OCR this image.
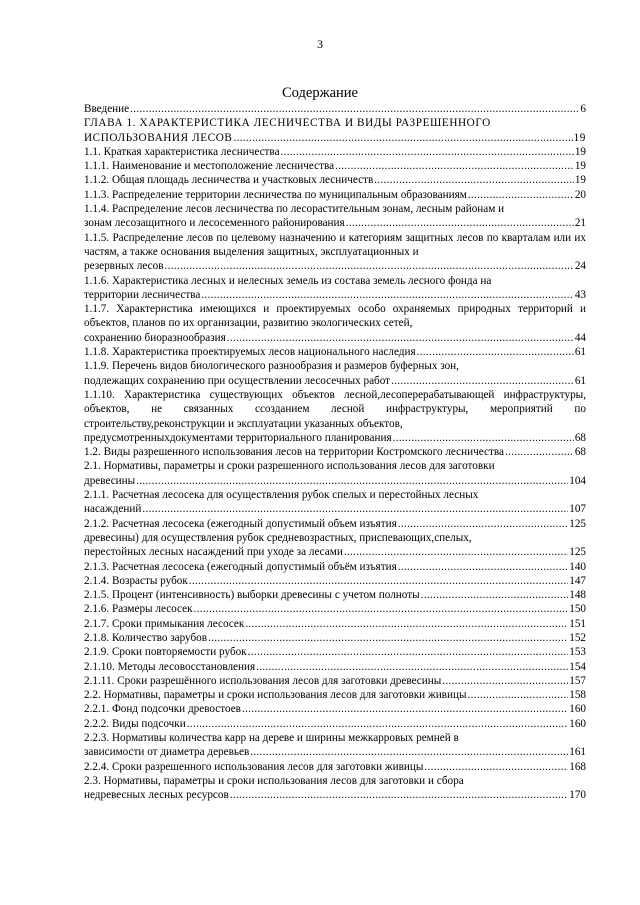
3
Содержание
Введение .....	6
ГЛАВА 1. ХАРАКТЕРИСТИКА ЛЕСНИЧЕСТВА И ВИДЫ РАЗРЕШЕННОГО
ИСПОЛЬЗОВАНИЯ ЛЕСОВ .....	19
1.1. Краткая характеристика лесничества .....	19
1.1.1. Наименование и местоположение лесничества .....	19
1.1.2. Общая площадь лесничества и участковых лесничеств .....	19
1.1.3. Распределение территории лесничества по муниципальным образованиям .....	20
1.1.4. Распределение лесов лесничества по лесорастительным зонам, лесным районам и
зонам лесозащитного и лесосеменного районирования .....	21
1.1.5. Распределение лесов по целевому назначению и категориям защитных лесов по кварталам или их частям, а также основания выделения защитных, эксплуатационных и
резервных лесов .....	24
1.1.6. Характеристика лесных и нелесных земель из состава земель лесного фонда на
территории лесничества .....	43
1.1.7. Характеристика имеющихся и проектируемых особо охраняемых природных территорий и объектов, планов по их организации, развитию экологических сетей,
сохранению биоразнообразия .....	44
1.1.8. Характеристика проектируемых лесов национального наследия .....	61
1.1.9. Перечень видов биологического разнообразия и размеров буферных зон,
подлежащих сохранению при осуществлении лесосечных работ .....	61
1.1.10. Характеристика существующих объектов лесной,лесоперерабатывающей инфраструктуры, объектов, не связанных ссозданием лесной инфраструктуры, мероприятий по строительству,реконструкции и эксплуатации указанных объектов,
предусмотренныхдокументами территориального планирования .....	68
1.2. Виды разрешенного использования лесов на территории Костромского лесничества .....	68
2.1. Нормативы, параметры и сроки разрешенного использования лесов для заготовки
древесины .....	104
2.1.1. Расчетная лесосека для осуществления рубок спелых и перестойных лесных
насаждений .....	107
2.1.2. Расчетная лесосека (ежегодный допустимый объем изъятия .....	125
древесины) для осуществления рубок средневозрастных, приспевающих,спелых,
перестойных лесных насаждений при уходе за лесами .....	125
2.1.3. Расчетная лесосека (ежегодный допустимый объём изъятия .....	140
2.1.4. Возрасты рубок .....	147
2.1.5. Процент (интенсивность) выборки древесины с учетом полноты .....	148
2.1.6. Размеры лесосек .....	150
2.1.7. Сроки примыкания лесосек .....	151
2.1.8. Количество зарубов .....	152
2.1.9. Сроки повторяемости рубок .....	153
2.1.10. Методы лесовосстановления .....	154
2.1.11. Сроки разрешённого использования лесов для заготовки древесины .....	157
2.2. Нормативы, параметры и сроки использования лесов для заготовки живицы .....	158
2.2.1. Фонд подсочки древостоев .....	160
2.2.2. Виды подсочки .....	160
2.2.3. Нормативы количества карр на дереве и ширины межкарровых ремней в
зависимости от диаметра деревьев .....	161
2.2.4. Сроки разрешенного использования лесов для заготовки живицы .....	168
2.3. Нормативы, параметры и сроки использования лесов для заготовки и сбора
недревесных лесных ресурсов .....	170
